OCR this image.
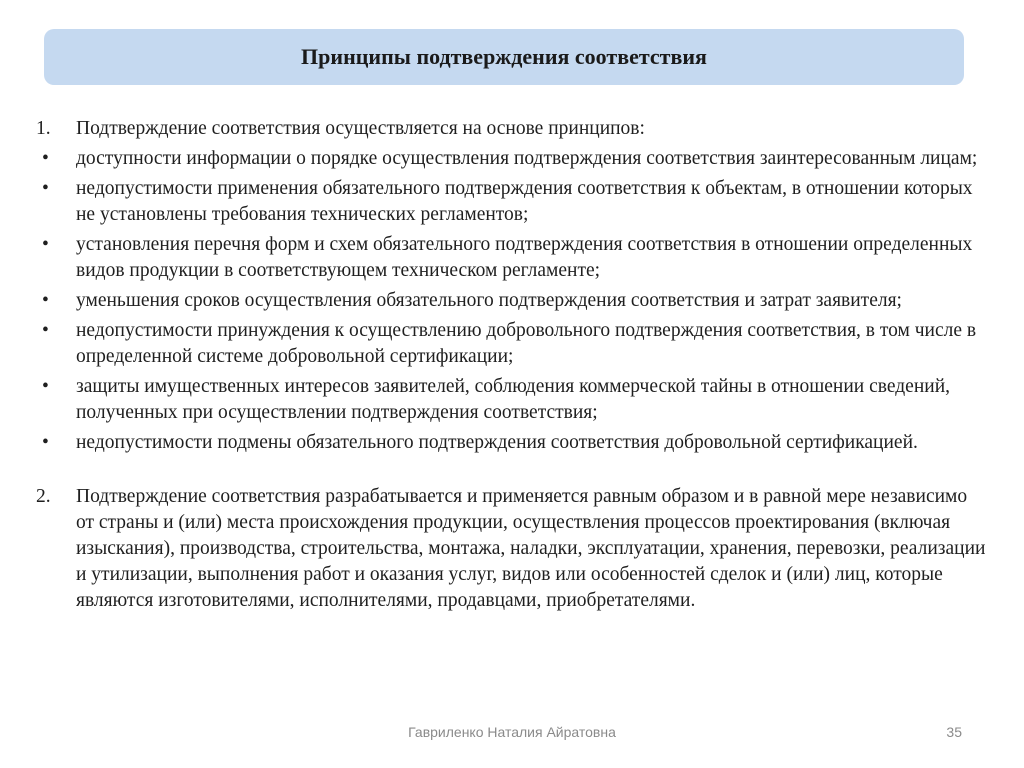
Принципы подтверждения соответствия
1.	Подтверждение соответствия осуществляется на основе принципов:
•	доступности информации о порядке осуществления подтверждения соответствия заинтересованным лицам;
•	недопустимости применения обязательного подтверждения соответствия к объектам, в отношении которых не установлены требования технических регламентов;
•	установления перечня форм и схем обязательного подтверждения соответствия в отношении определенных видов продукции в соответствующем техническом регламенте;
•	уменьшения сроков осуществления обязательного подтверждения соответствия и затрат заявителя;
•	недопустимости принуждения к осуществлению добровольного подтверждения соответствия, в том числе в определенной системе добровольной сертификации;
•	защиты имущественных интересов заявителей, соблюдения коммерческой тайны в отношении сведений, полученных при осуществлении подтверждения соответствия;
•	недопустимости подмены обязательного подтверждения соответствия добровольной сертификацией.
2.	Подтверждение соответствия разрабатывается и применяется равным образом и в равной мере независимо от страны и (или) места происхождения продукции, осуществления процессов проектирования (включая изыскания), производства, строительства, монтажа, наладки, эксплуатации, хранения, перевозки, реализации и утилизации, выполнения работ и оказания услуг, видов или особенностей сделок и (или) лиц, которые являются изготовителями, исполнителями, продавцами, приобретателями.
Гавриленко Наталия Айратовна	35
